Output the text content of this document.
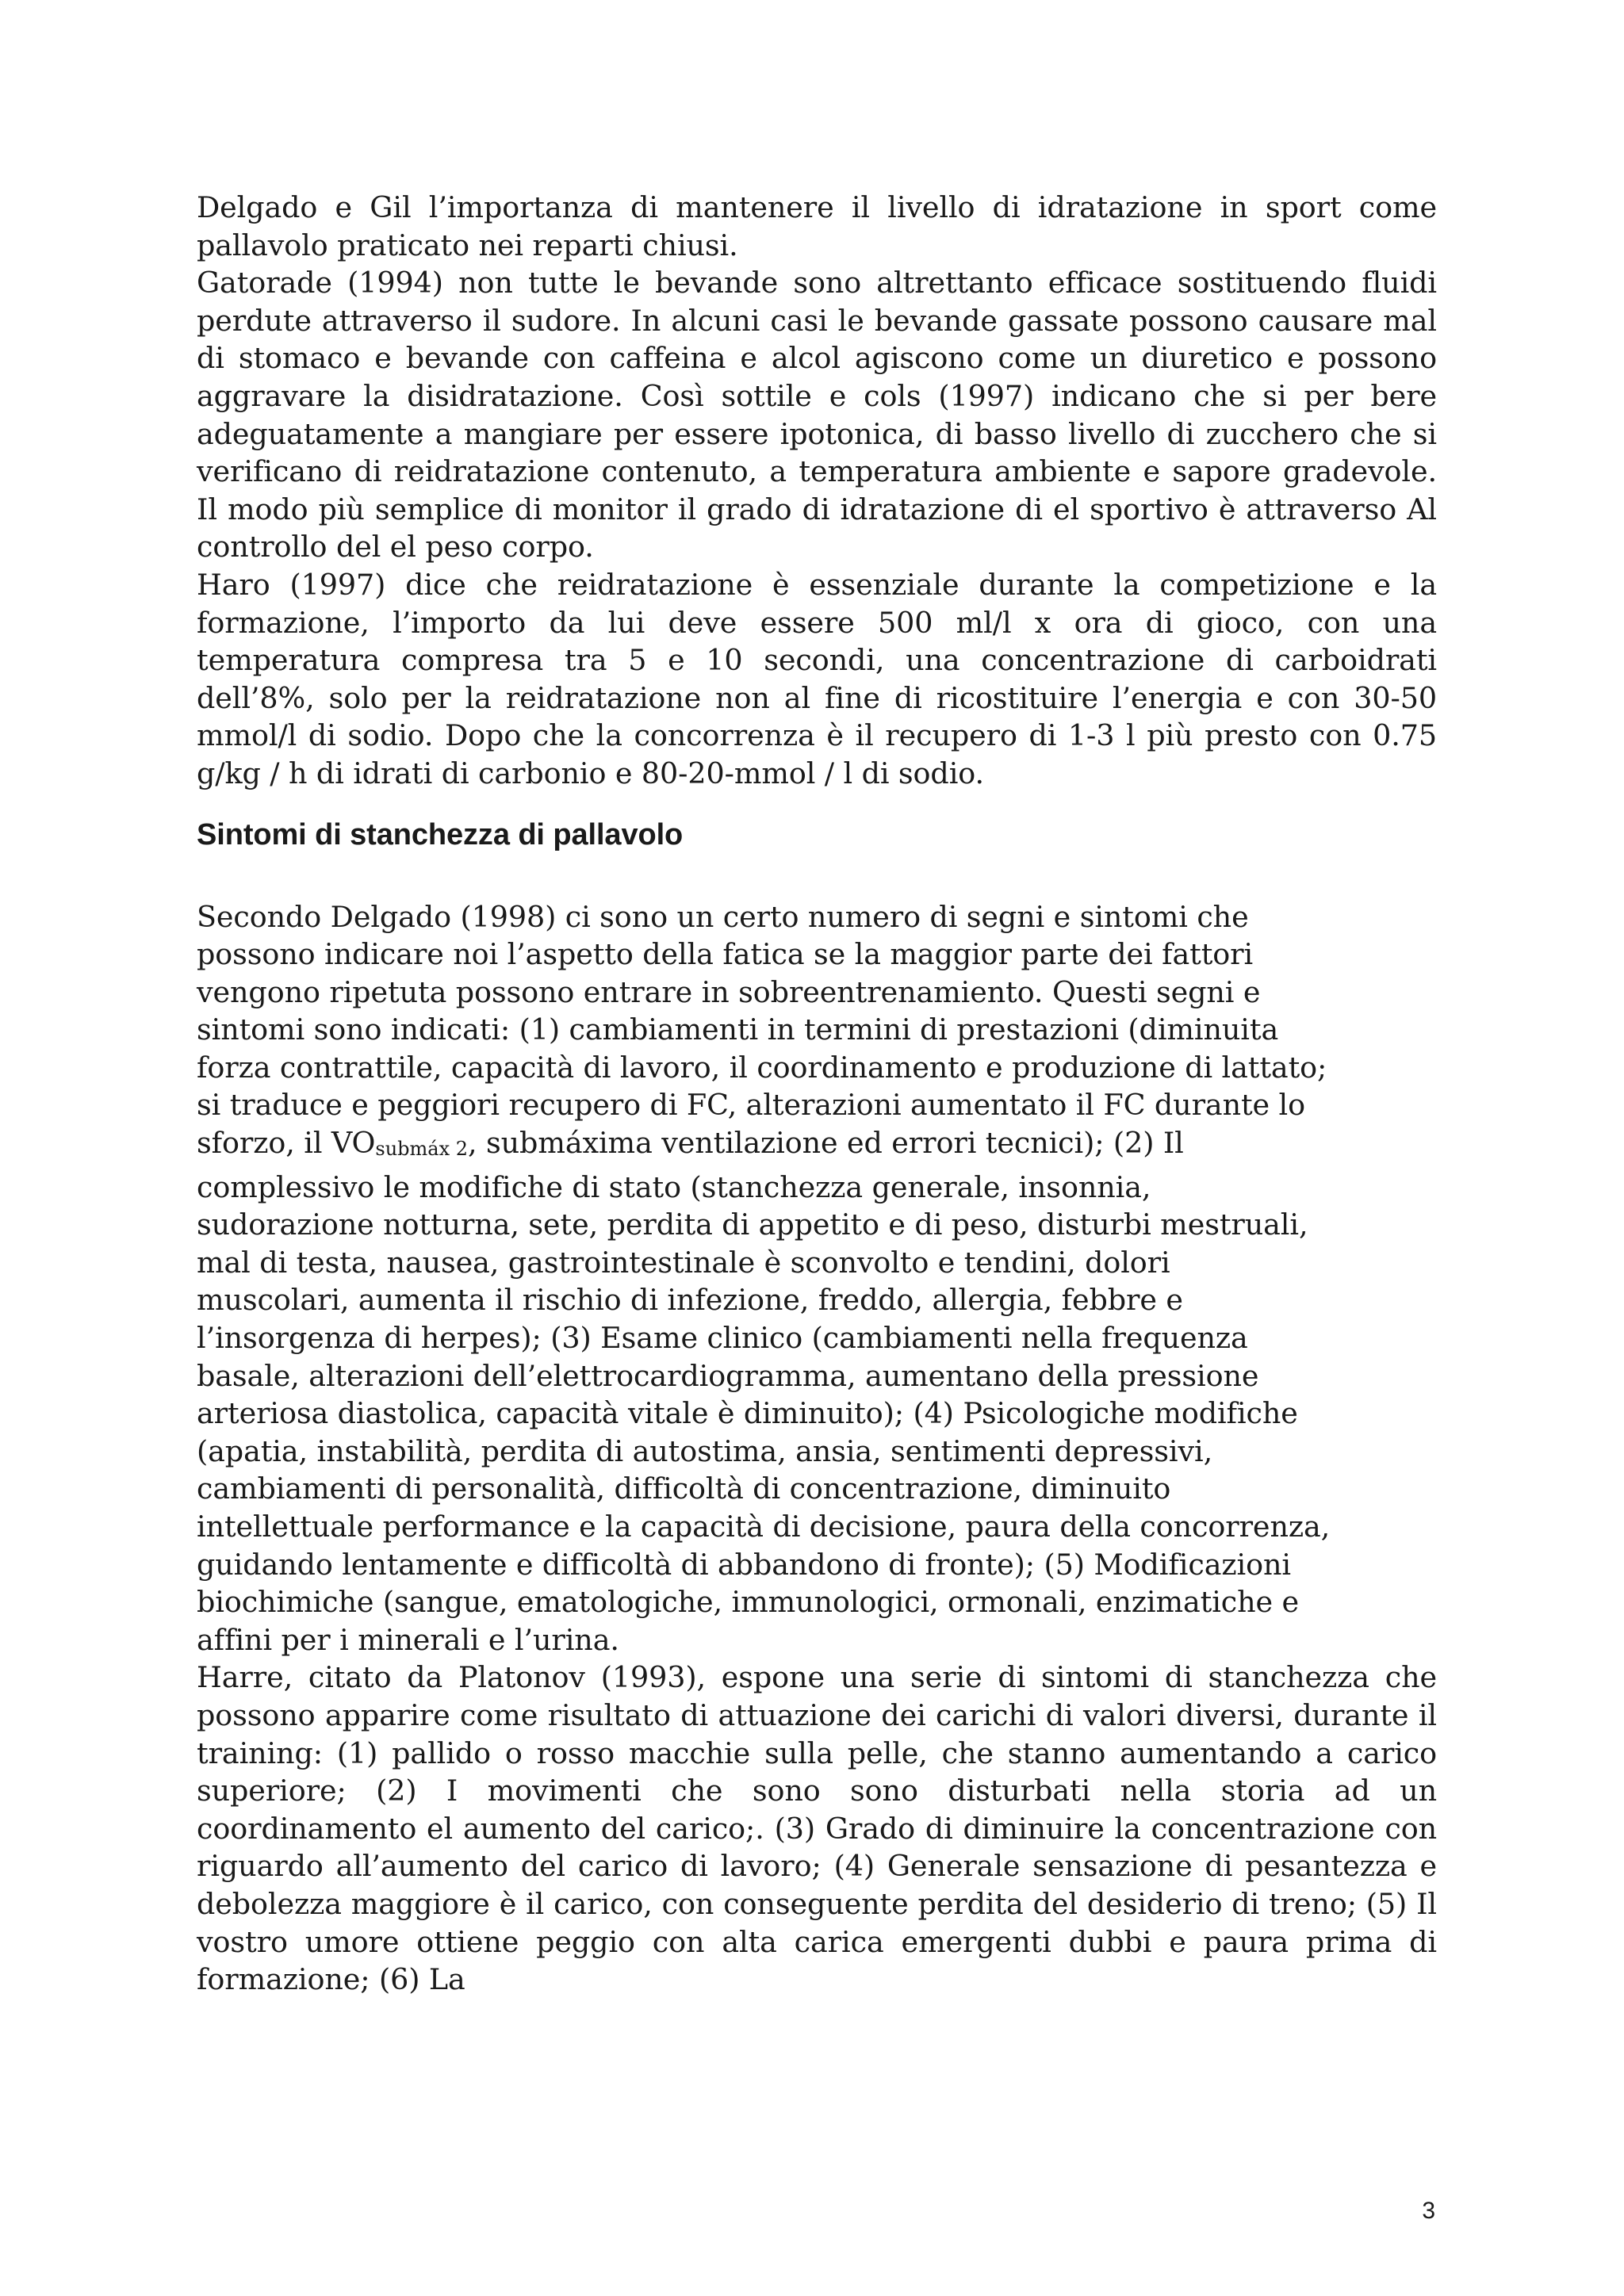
Delgado e Gil l’importanza di mantenere il livello di idratazione in sport come pallavolo praticato nei reparti chiusi.

Gatorade (1994) non tutte le bevande sono altrettanto efficace sostituendo fluidi perdute attraverso il sudore. In alcuni casi le bevande gassate possono causare mal di stomaco e bevande con caffeina e alcol agiscono come un diuretico e possono aggravare la disidratazione. Così sottile e cols (1997) indicano che si per bere adeguatamente a mangiare per essere ipotonica, di basso livello di zucchero che si verificano di reidratazione contenuto, a temperatura ambiente e sapore gradevole. Il modo più semplice di monitor il grado di idratazione di el sportivo è attraverso Al controllo del el peso corpo.

Haro (1997) dice che reidratazione è essenziale durante la competizione e la formazione, l’importo da lui deve essere 500 ml/l x ora di gioco, con una temperatura compresa tra 5 e 10 secondi, una concentrazione di carboidrati dell’8%, solo per la reidratazione non al fine di ricostituire l’energia e con 30-50 mmol/l di sodio. Dopo che la concorrenza è il recupero di 1-3 l più presto con 0.75 g/kg / h di idrati di carbonio e 80-20-mmol / l di sodio.

Sintomi di stanchezza di pallavolo

Secondo Delgado (1998) ci sono un certo numero di segni e sintomi che
possono indicare noi l’aspetto della fatica se la maggior parte dei fattori
vengono ripetuta possono entrare in sobreentrenamiento. Questi segni e
sintomi sono indicati: (1) cambiamenti in termini di prestazioni (diminuita
forza contrattile, capacità di lavoro, il coordinamento e produzione di lattato;
si traduce e peggiori recupero di FC, alterazioni aumentato il FC durante lo
sforzo, il VOsubmáx 2, submáxima ventilazione ed errori tecnici); (2) Il
complessivo le modifiche di stato (stanchezza generale, insonnia,
sudorazione notturna, sete, perdita di appetito e di peso, disturbi mestruali,
mal di testa, nausea, gastrointestinale è sconvolto e tendini, dolori
muscolari, aumenta il rischio di infezione, freddo, allergia, febbre e
l’insorgenza di herpes); (3) Esame clinico (cambiamenti nella frequenza
basale, alterazioni dell’elettrocardiogramma, aumentano della pressione
arteriosa diastolica, capacità vitale è diminuito); (4) Psicologiche modifiche
(apatia, instabilità, perdita di autostima, ansia, sentimenti depressivi,
cambiamenti di personalità, difficoltà di concentrazione, diminuito
intellettuale performance e la capacità di decisione, paura della concorrenza,
guidando lentamente e difficoltà di abbandono di fronte); (5) Modificazioni
biochimiche (sangue, ematologiche, immunologici, ormonali, enzimatiche e
affini per i minerali e l’urina.

Harre, citato da Platonov (1993), espone una serie di sintomi di stanchezza che possono apparire come risultato di attuazione dei carichi di valori diversi, durante il training: (1) pallido o rosso macchie sulla pelle, che stanno aumentando a carico superiore; (2) I movimenti che sono sono disturbati nella storia ad un coordinamento el aumento del carico;. (3) Grado di diminuire la concentrazione con riguardo all’aumento del carico di lavoro; (4) Generale sensazione di pesantezza e debolezza maggiore è il carico, con conseguente perdita del desiderio di treno; (5) Il vostro umore ottiene peggio con alta carica emergenti dubbi e paura prima di formazione; (6) La

3
